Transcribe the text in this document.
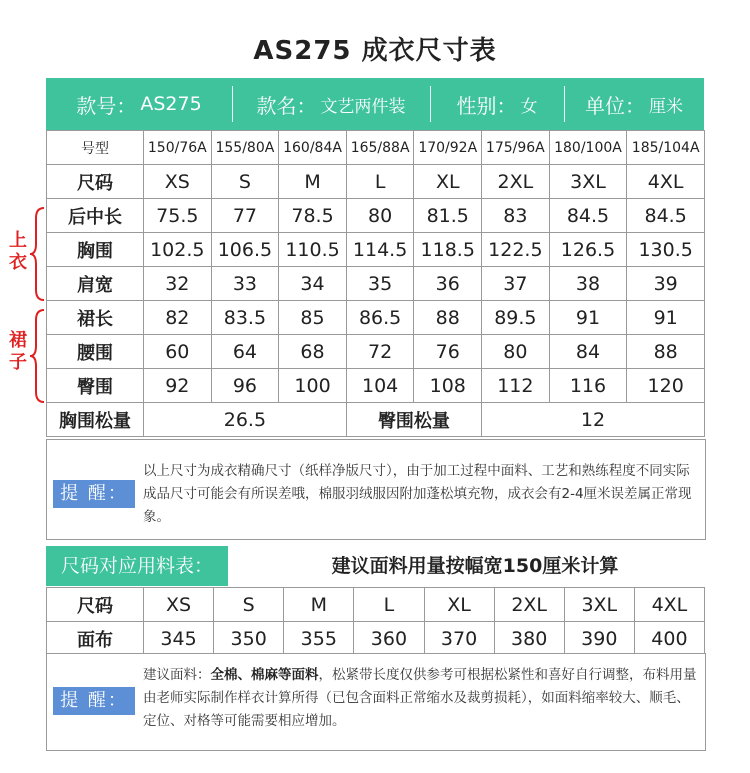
AS275 成衣尺寸表
款号： AS275	款名： 文艺两件装	性别： 女 单位： 厘米
上
衣
裙
子
号型	150/76A	155/80A	160/84A	165/88A	170/92A	175/96A	180/100A	185/104A
尺码	XS	S	M	L	XL	2XL	3XL	4XL
后中长	75.5	77	78.5	80	81.5	83	84.5	84.5
胸围	102.5	106.5	110.5	114.5	118.5	122.5	126.5	130.5
肩宽	32	33	34	35	36	37	38	39
裙长	82	83.5	85	86.5	88	89.5	91	91
腰围	60	64	68	72	76	80	84	88
臀围	92	96	100	104	108	112	116	120
胸围松量	26.5			臀围松量		12		
提 醒：
以上尺寸为成衣精确尺寸（纸样净版尺寸），由于加工过程中面料、工艺和熟练程度不同实际成品尺寸可能会有所误差哦，棉服羽绒服因附加蓬松填充物，成衣会有2-4厘米误差属正常现象。
尺码对应用料表：	建议面料用量按幅宽150厘米计算
尺码	XS	S	M	L	XL	2XL	3XL	4XL
面布	345	350	355	360	370	380	390	400
提 醒：
建议面料：全棉、棉麻等面料，松紧带长度仅供参考可根据松紧性和喜好自行调整，布料用量由老师实际制作样衣计算所得（已包含面料正常缩水及裁剪损耗），如面料缩率较大、顺毛、定位、对格等可能需要相应增加。
